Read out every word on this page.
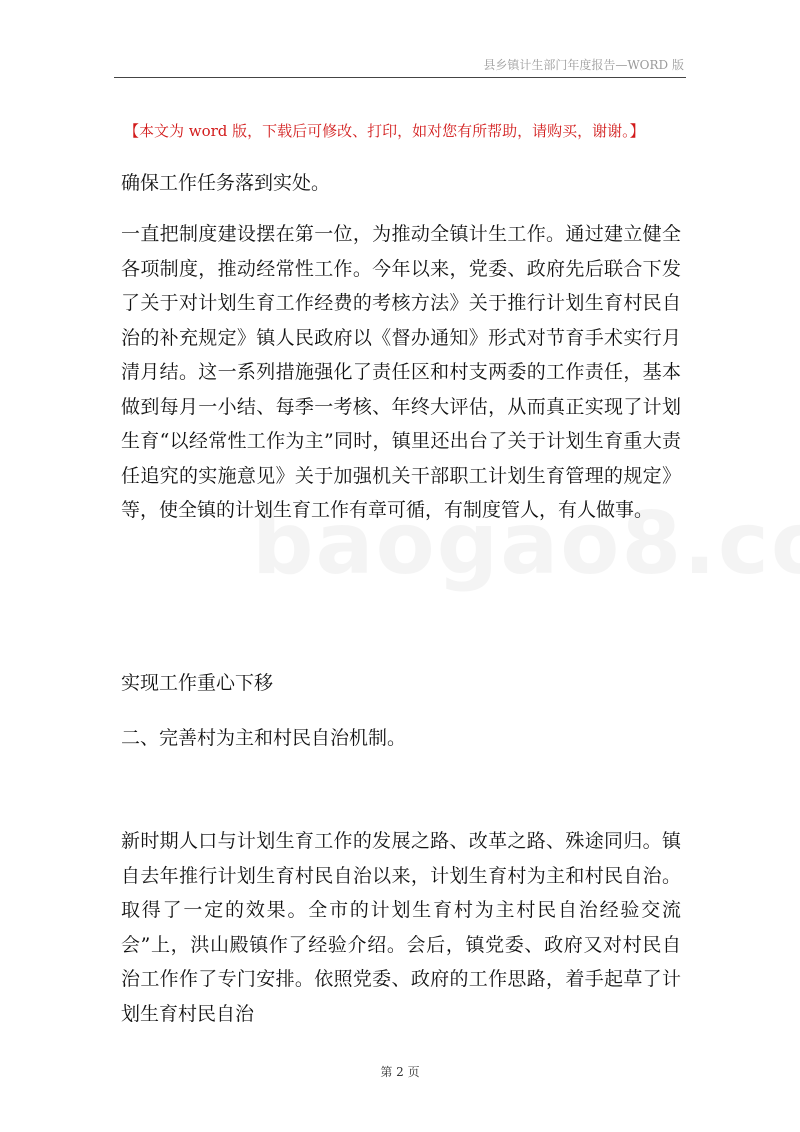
县乡镇计生部门年度报告—WORD 版
【本文为 word 版，下载后可修改、打印，如对您有所帮助，请购买，谢谢。】
确保工作任务落到实处。
一直把制度建设摆在第一位，为推动全镇计生工作。通过建立健全各项制度，推动经常性工作。今年以来，党委、政府先后联合下发了关于对计划生育工作经费的考核方法》关于推行计划生育村民自治的补充规定》镇人民政府以《督办通知》形式对节育手术实行月清月结。这一系列措施强化了责任区和村支两委的工作责任，基本做到每月一小结、每季一考核、年终大评估，从而真正实现了计划生育“以经常性工作为主”同时，镇里还出台了关于计划生育重大责任追究的实施意见》关于加强机关干部职工计划生育管理的规定》等，使全镇的计划生育工作有章可循，有制度管人，有人做事。
实现工作重心下移
二、完善村为主和村民自治机制。
新时期人口与计划生育工作的发展之路、改革之路、殊途同归。镇自去年推行计划生育村民自治以来，计划生育村为主和村民自治。取得了一定的效果。全市的计划生育村为主村民自治经验交流会”上，洪山殿镇作了经验介绍。会后，镇党委、政府又对村民自治工作作了专门安排。依照党委、政府的工作思路，着手起草了计划生育村民自治
第 2 页
